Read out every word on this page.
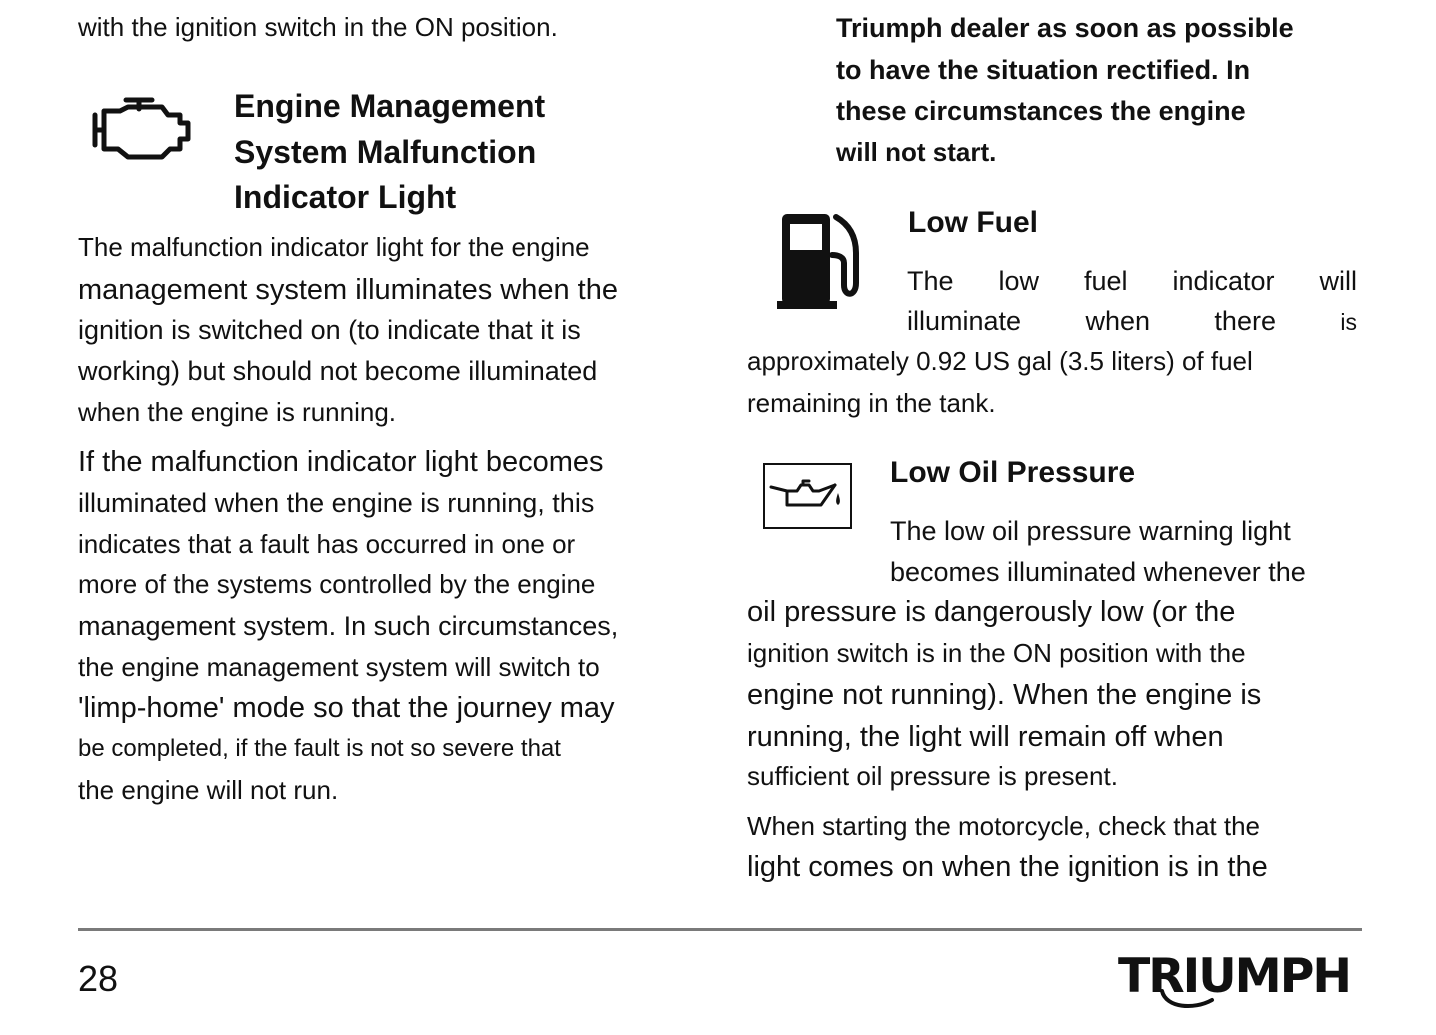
with the ignition switch in the ON position.
Engine Management
System Malfunction
Indicator Light
The malfunction indicator light for the engine
management system illuminates when the
ignition is switched on (to indicate that it is
working) but should not become illuminated
when the engine is running.
If the malfunction indicator light becomes
illuminated when the engine is running, this
indicates that a fault has occurred in one or
more of the systems controlled by the engine
management system. In such circumstances,
the engine management system will switch to
'limp-home' mode so that the journey may
be completed, if the fault is not so severe that
the engine will not run.
Triumph dealer as soon as possible
to have the situation rectified. In
these circumstances the engine
will not start.
Low Fuel
The low fuel indicator will
illuminate when there	is
approximately 0.92 US gal (3.5 liters) of fuel
remaining in the tank.
Low Oil Pressure
The low oil pressure warning light
becomes illuminated whenever the
oil pressure is dangerously low (or the
ignition switch is in the ON position with the
engine not running). When the engine is
running, the light will remain off when
sufficient oil pressure is present.
When starting the motorcycle, check that the
light comes on when the ignition is in the
28	TRIUMPH
